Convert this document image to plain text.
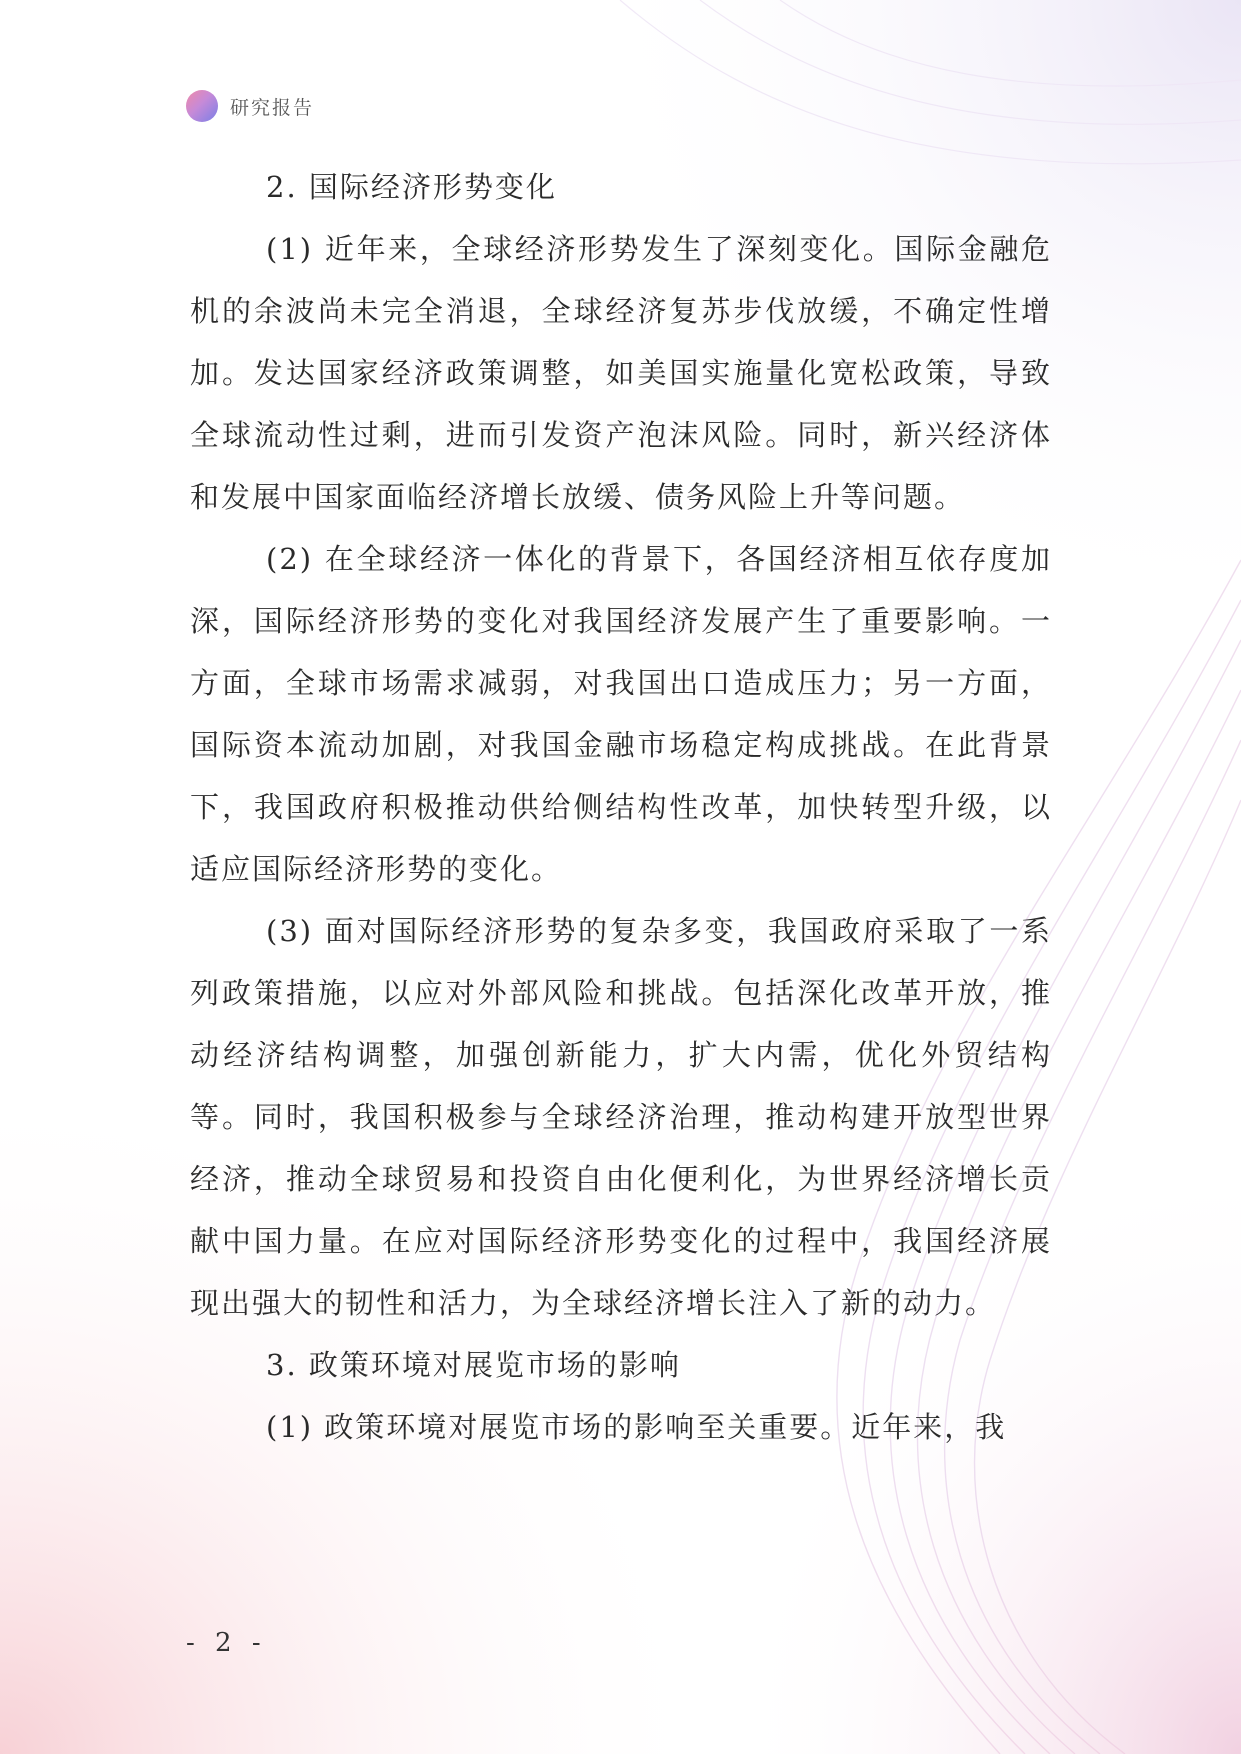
研究报告

2. 国际经济形势变化

(1) 近年来，全球经济形势发生了深刻变化。国际金融危机的余波尚未完全消退，全球经济复苏步伐放缓，不确定性增加。发达国家经济政策调整，如美国实施量化宽松政策，导致全球流动性过剩，进而引发资产泡沫风险。同时，新兴经济体和发展中国家面临经济增长放缓、债务风险上升等问题。

(2) 在全球经济一体化的背景下，各国经济相互依存度加深，国际经济形势的变化对我国经济发展产生了重要影响。一方面，全球市场需求减弱，对我国出口造成压力；另一方面，国际资本流动加剧，对我国金融市场稳定构成挑战。在此背景下，我国政府积极推动供给侧结构性改革，加快转型升级，以适应国际经济形势的变化。

(3) 面对国际经济形势的复杂多变，我国政府采取了一系列政策措施，以应对外部风险和挑战。包括深化改革开放，推动经济结构调整，加强创新能力，扩大内需，优化外贸结构等。同时，我国积极参与全球经济治理，推动构建开放型世界经济，推动全球贸易和投资自由化便利化，为世界经济增长贡献中国力量。在应对国际经济形势变化的过程中，我国经济展现出强大的韧性和活力，为全球经济增长注入了新的动力。

3. 政策环境对展览市场的影响

(1) 政策环境对展览市场的影响至关重要。近年来，我

- 2 -
